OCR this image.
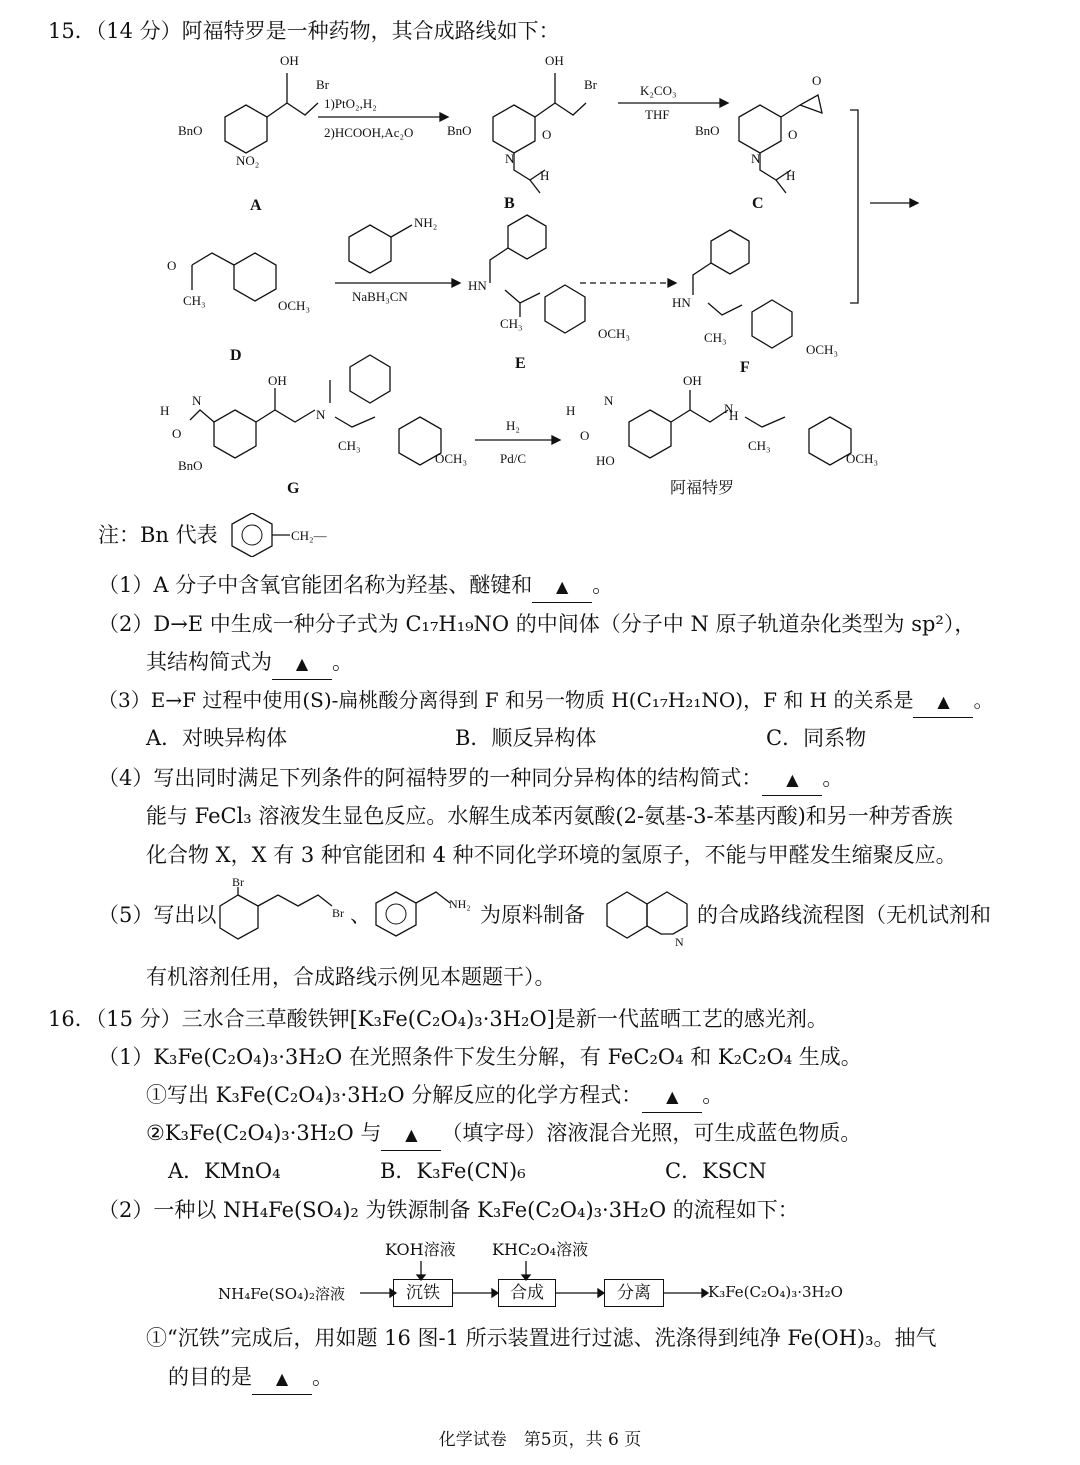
15．（14 分）阿福特罗是一种药物，其合成路线如下：
OH
Br
BnO
NO₂
1)PtO₂,H₂
2)HCOOH,Ac₂O
OH
Br
BnO
N
O
H
K₂CO₃
THF
O
BnO
N
O
H
O
CH₃	OCH₃
NH₂
NaBH₃CN
HN
CH₃
OCH₃
HN
CH₃
OCH₃
H
N
O
BnO
OH
N
CH₃
OCH₃
H₂
Pd/C
H
N
O
HO
OH
N
H
CH₃
OCH₃
A	B	C
D	E	F
G	阿福特罗
注：Bn 代表	CH₂—
（1）A 分子中含氧官能团名称为羟基、醚键和 ▲ 。
（2）D→E 中生成一种分子式为 C₁₇H₁₉NO 的中间体（分子中 N 原子轨道杂化类型为 sp²），
其结构简式为 ▲ 。
（3）E→F 过程中使用(S)-扁桃酸分离得到 F 和另一物质 H(C₁₇H₂₁NO)，F 和 H 的关系是 ▲ 。
A．对映异构体	B．顺反异构体	C．同系物
（4）写出同时满足下列条件的阿福特罗的一种同分异构体的结构简式： ▲ 。
能与 FeCl₃ 溶液发生显色反应。水解生成苯丙氨酸(2-氨基-3-苯基丙酸)和另一种芳香族
化合物 X，X 有 3 种官能团和 4 种不同化学环境的氢原子，不能与甲醛发生缩聚反应。
（5）写出以
Br
Br 、	NH₂ 为原料制备
N
的合成路线流程图（无机试剂和
有机溶剂任用，合成路线示例见本题题干）。
16．（15 分）三水合三草酸铁钾[K₃Fe(C₂O₄)₃·3H₂O]是新一代蓝晒工艺的感光剂。
（1）K₃Fe(C₂O₄)₃·3H₂O 在光照条件下发生分解，有 FeC₂O₄ 和 K₂C₂O₄ 生成。
①写出 K₃Fe(C₂O₄)₃·3H₂O 分解反应的化学方程式： ▲ 。
②K₃Fe(C₂O₄)₃·3H₂O 与 ▲ （填字母）溶液混合光照，可生成蓝色物质。
A．KMnO₄	B．K₃Fe(CN)₆	C．KSCN
（2）一种以 NH₄Fe(SO₄)₂ 为铁源制备 K₃Fe(C₂O₄)₃·3H₂O 的流程如下：
KOH溶液 KHC₂O₄溶液
NH₄Fe(SO₄)₂溶液	沉铁	合成	分离	K₃Fe(C₂O₄)₃·3H₂O
①“沉铁”完成后，用如题 16 图-1 所示装置进行过滤、洗涤得到纯净 Fe(OH)₃。抽气
的目的是 ▲ 。
化学试卷　第5页，共 6 页
